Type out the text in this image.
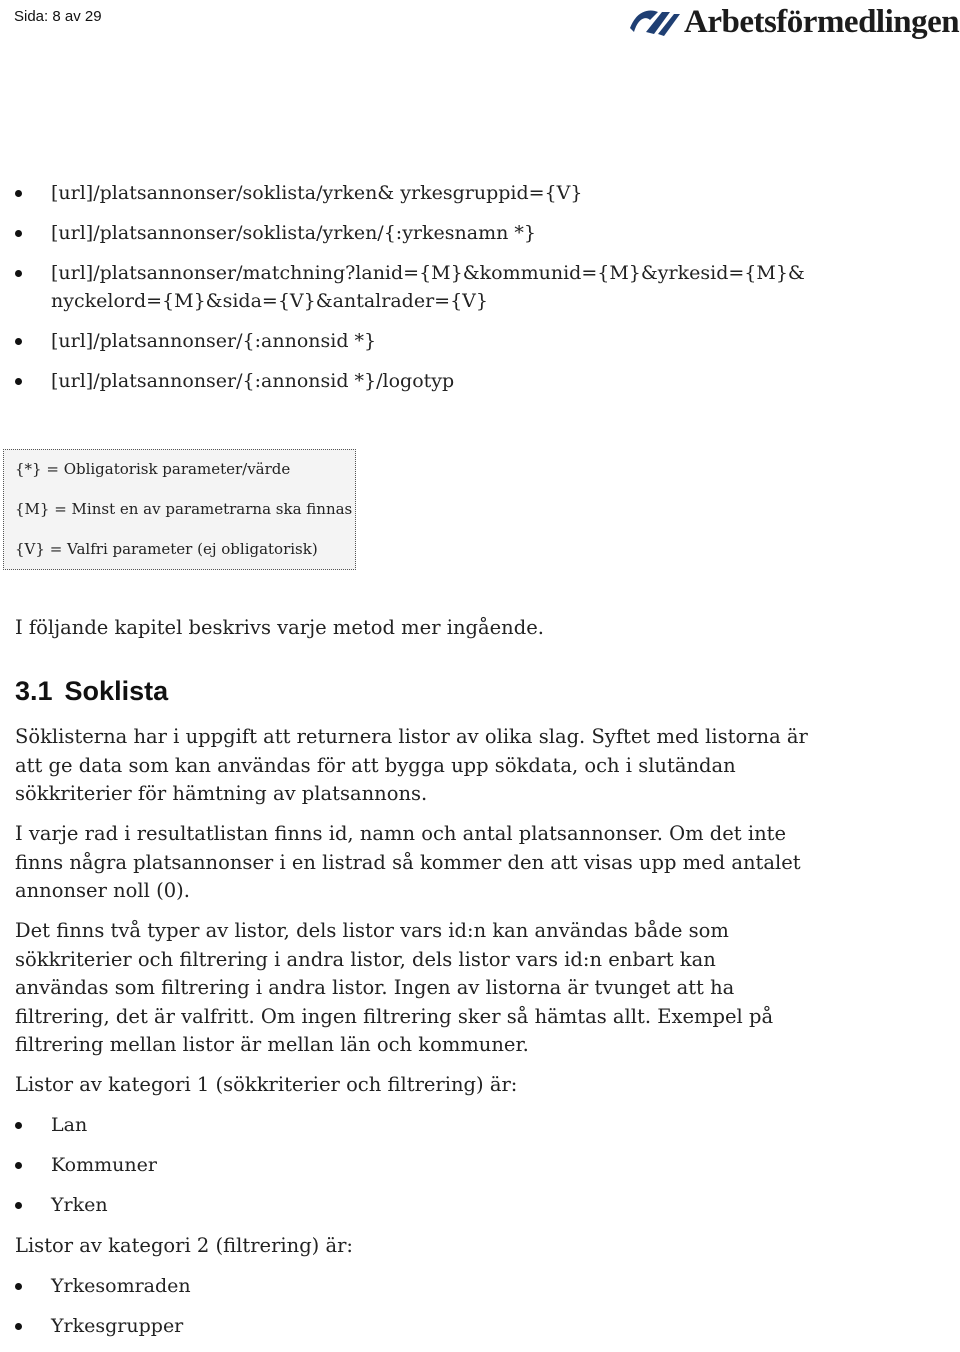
Sida: 8 av 29	Arbetsförmedlingen
[url]/platsannonser/soklista/yrken& yrkesgruppid={V}
[url]/platsannonser/soklista/yrken/{:yrkesnamn *}
[url]/platsannonser/matchning?lanid={M}&kommunid={M}&yrkesid={M}&
nyckelord={M}&sida={V}&antalrader={V}
[url]/platsannonser/{:annonsid *}
[url]/platsannonser/{:annonsid *}/logotyp
{*} = Obligatorisk parameter/värde
{M} = Minst en av parametrarna ska finnas
{V} = Valfri parameter (ej obligatorisk)

I följande kapitel beskrivs varje metod mer ingående.

3.1 Soklista

Söklisterna har i uppgift att returnera listor av olika slag. Syftet med listorna är att ge data som kan användas för att bygga upp sökdata, och i slutändan sökkriterier för hämtning av platsannons.

I varje rad i resultatlistan finns id, namn och antal platsannonser. Om det inte finns några platsannonser i en listrad så kommer den att visas upp med antalet annonser noll (0).

Det finns två typer av listor, dels listor vars id:n kan användas både som sökkriterier och filtrering i andra listor, dels listor vars id:n enbart kan användas som filtrering i andra listor. Ingen av listorna är tvunget att ha filtrering, det är valfritt. Om ingen filtrering sker så hämtas allt. Exempel på filtrering mellan listor är mellan län och kommuner.

Listor av kategori 1 (sökkriterier och filtrering) är:

Lan
Kommuner
Yrken

Listor av kategori 2 (filtrering) är:

Yrkesomraden
Yrkesgrupper
